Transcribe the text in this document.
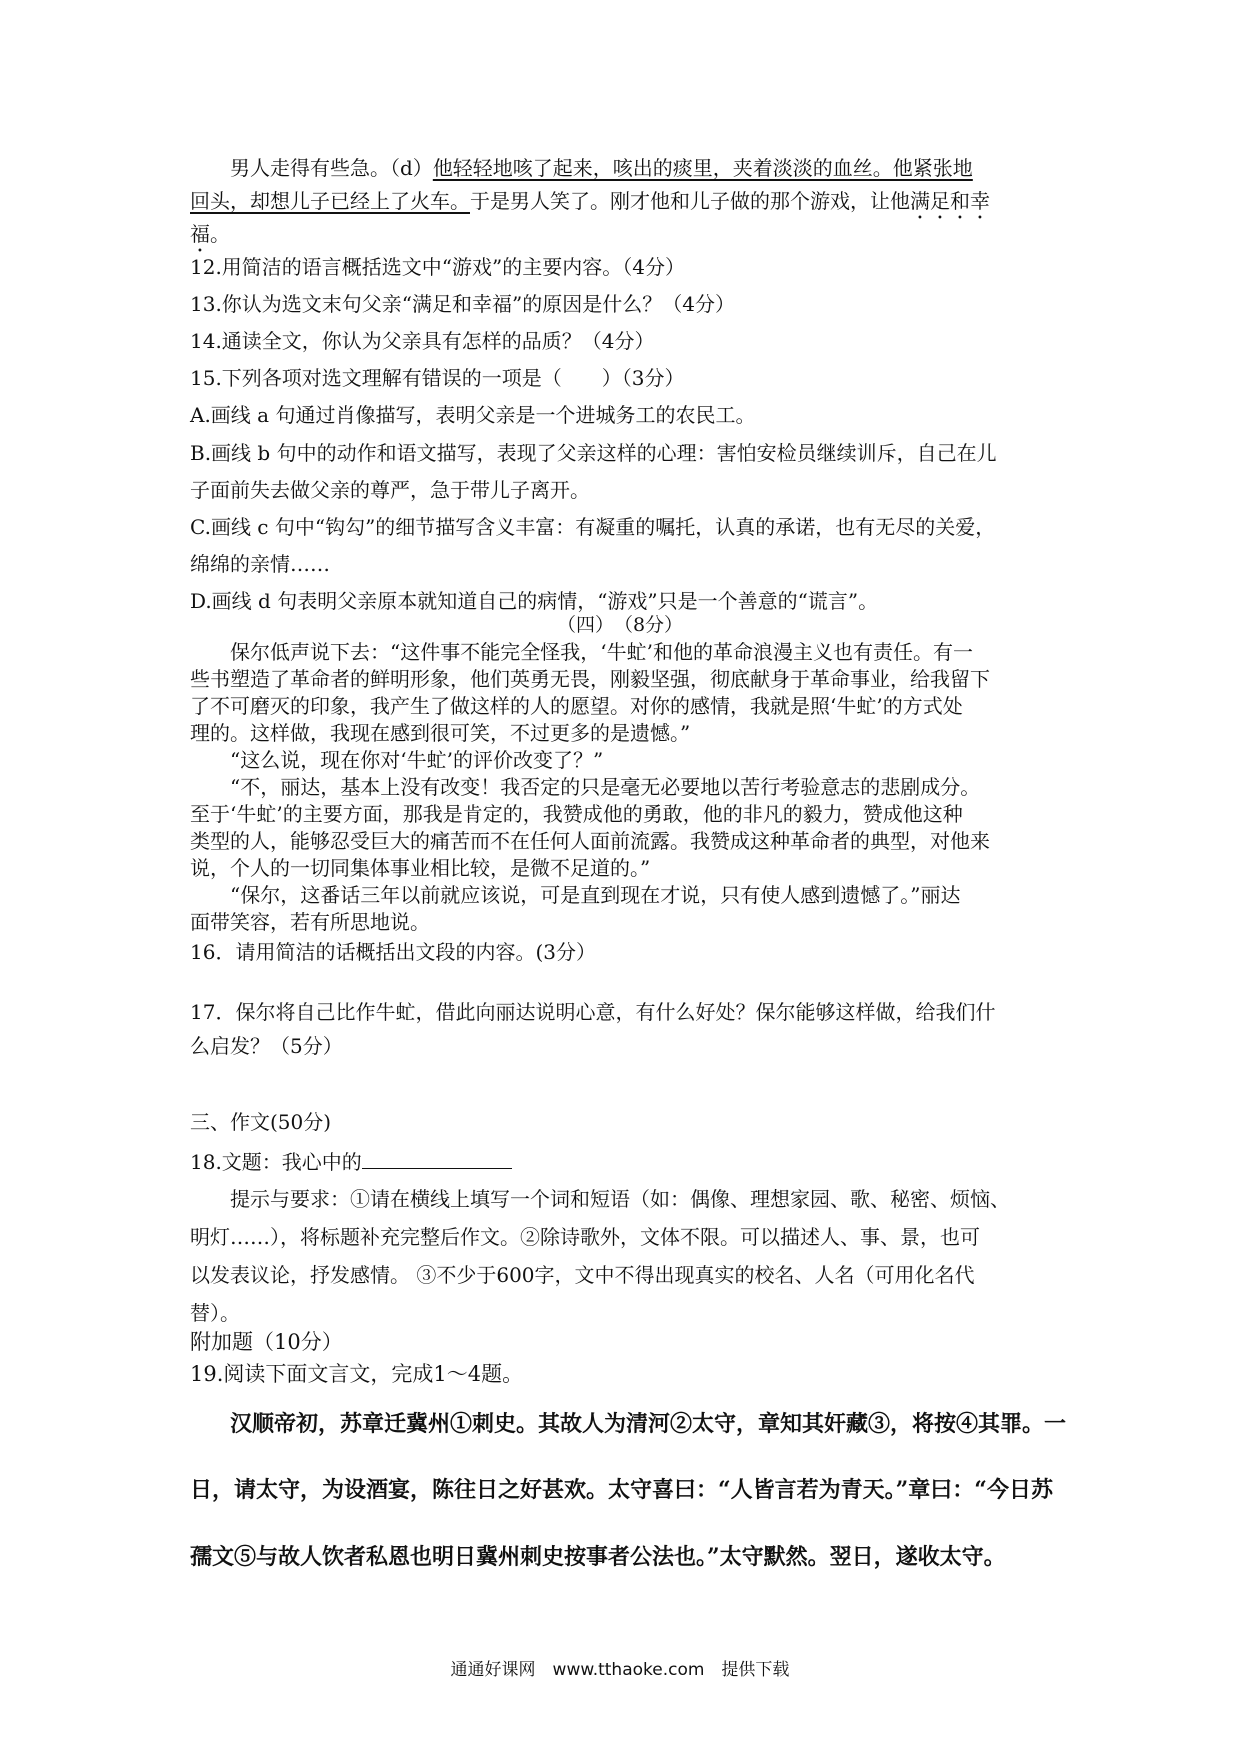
男人走得有些急。（d）他轻轻地咳了起来，咳出的痰里，夹着淡淡的血丝。他紧张地
回头，却想儿子已经上了火车。于是男人笑了。刚才他和儿子做的那个游戏，让他满足和幸
福。
12.用简洁的语言概括选文中“游戏”的主要内容。（4分）
13.你认为选文末句父亲“满足和幸福”的原因是什么？（4分）
14.通读全文，你认为父亲具有怎样的品质？（4分）
15.下列各项对选文理解有错误的一项是（　　）（3分）
A.画线 a 句通过肖像描写，表明父亲是一个进城务工的农民工。
B.画线 b 句中的动作和语文描写，表现了父亲这样的心理：害怕安检员继续训斥，自己在儿
子面前失去做父亲的尊严，急于带儿子离开。
C.画线 c 句中“钩勾”的细节描写含义丰富：有凝重的嘱托，认真的承诺，也有无尽的关爱，
绵绵的亲情……
D.画线 d 句表明父亲原本就知道自己的病情，“游戏”只是一个善意的“谎言”。
（四）　（8分）
保尔低声说下去：“这件事不能完全怪我，‘牛虻’和他的革命浪漫主义也有责任。有一
些书塑造了革命者的鲜明形象，他们英勇无畏，刚毅坚强，彻底献身于革命事业，给我留下
了不可磨灭的印象，我产生了做这样的人的愿望。对你的感情，我就是照‘牛虻’的方式处
理的。这样做，我现在感到很可笑，不过更多的是遗憾。”
“这么说，现在你对‘牛虻’的评价改变了？”
“不，丽达，基本上没有改变！我否定的只是毫无必要地以苦行考验意志的悲剧成分。
至于‘牛虻’的主要方面，那我是肯定的，我赞成他的勇敢，他的非凡的毅力，赞成他这种
类型的人，能够忍受巨大的痛苦而不在任何人面前流露。我赞成这种革命者的典型，对他来
说，个人的一切同集体事业相比较，是微不足道的。”
“保尔，这番话三年以前就应该说，可是直到现在才说，只有使人感到遗憾了。”丽达
面带笑容，若有所思地说。
16．请用简洁的话概括出文段的内容。(3分）
17．保尔将自己比作牛虻，借此向丽达说明心意，有什么好处？保尔能够这样做，给我们什
么启发？（5分）
三、作文(50分)
18.文题：我心中的
提示与要求：①请在横线上填写一个词和短语（如：偶像、理想家园、歌、秘密、烦恼、
明灯……），将标题补充完整后作文。②除诗歌外，文体不限。可以描述人、事、景，也可
以发表议论，抒发感情。 ③不少于600字，文中不得出现真实的校名、人名（可用化名代
替）。
附加题（10分）
19.阅读下面文言文，完成1～4题。
汉顺帝初，苏章迁冀州①刺史。其故人为清河②太守，章知其奸藏③，将按④其罪。一
日，请太守，为设酒宴，陈往日之好甚欢。太守喜曰：“人皆言若为青天。”章曰：“今日苏
孺文⑤与故人饮者私恩也明日冀州刺史按事者公法也。”太守默然。翌日，遂收太守。
通通好课网　www.tthaoke.com　提供下载
